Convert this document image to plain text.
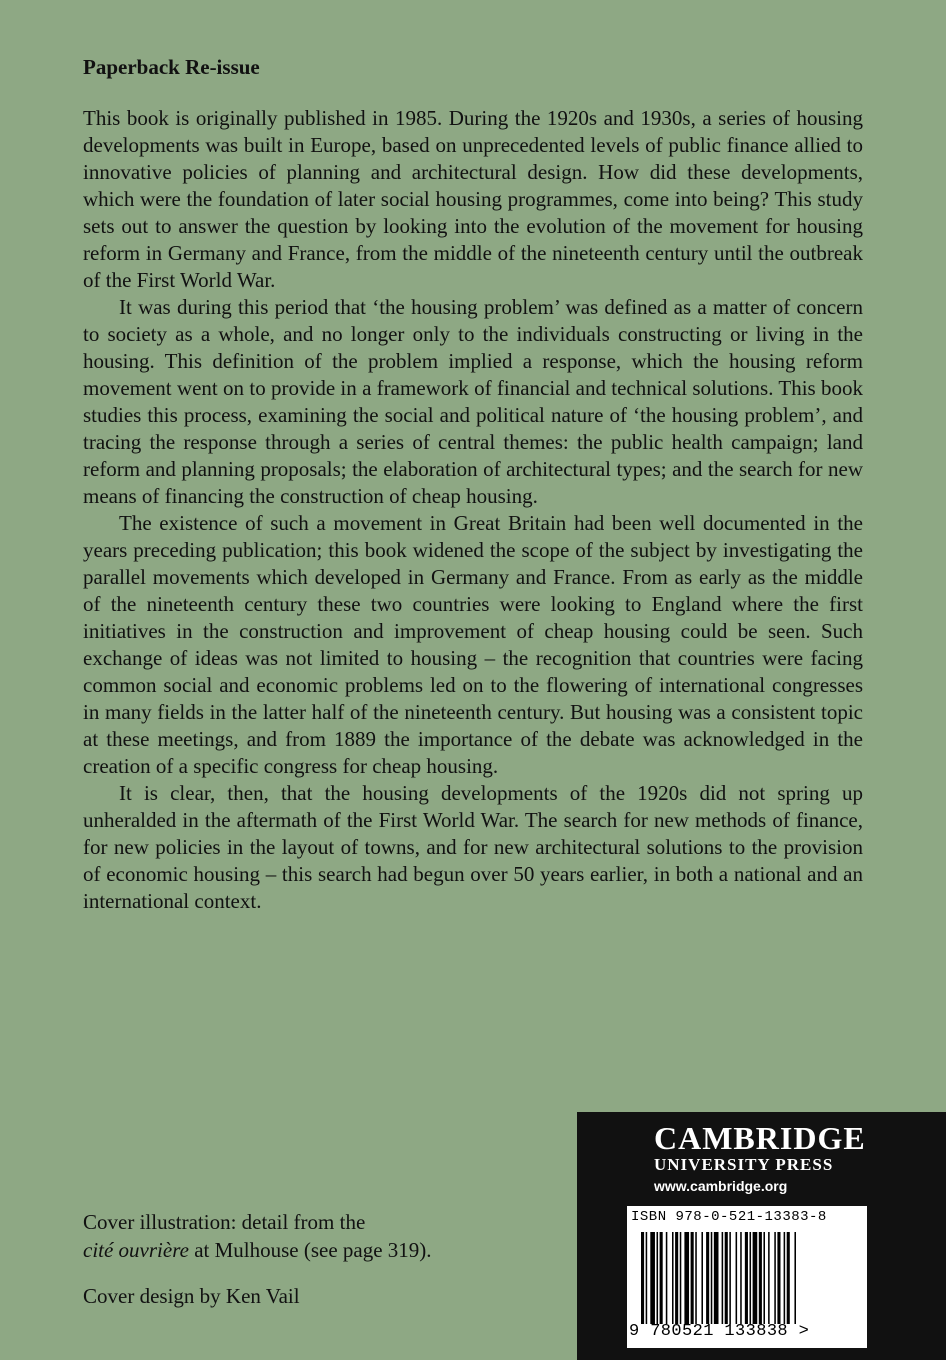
Paperback Re-issue

This book is originally published in 1985. During the 1920s and 1930s, a series of housing developments was built in Europe, based on unprecedented levels of public finance allied to innovative policies of planning and architectural design. How did these developments, which were the foundation of later social housing programmes, come into being? This study sets out to answer the question by looking into the evolution of the movement for housing reform in Germany and France, from the middle of the nineteenth century until the outbreak of the First World War.

It was during this period that ‘the housing problem’ was defined as a matter of concern to society as a whole, and no longer only to the individuals constructing or living in the housing. This definition of the problem implied a response, which the housing reform movement went on to provide in a framework of financial and technical solutions. This book studies this process, examining the social and political nature of ‘the housing problem’, and tracing the response through a series of central themes: the public health campaign; land reform and planning proposals; the elaboration of architectural types; and the search for new means of financing the construction of cheap housing.

The existence of such a movement in Great Britain had been well documented in the years preceding publication; this book widened the scope of the subject by investigating the parallel movements which developed in Germany and France. From as early as the middle of the nineteenth century these two countries were looking to England where the first initiatives in the construction and improvement of cheap housing could be seen. Such exchange of ideas was not limited to housing – the recognition that countries were facing common social and economic problems led on to the flowering of international congresses in many fields in the latter half of the nineteenth century. But housing was a consistent topic at these meetings, and from 1889 the importance of the debate was acknowledged in the creation of a specific congress for cheap housing.

It is clear, then, that the housing developments of the 1920s did not spring up unheralded in the aftermath of the First World War. The search for new methods of finance, for new policies in the layout of towns, and for new architectural solutions to the provision of economic housing – this search had begun over 50 years earlier, in both a national and an international context.

Cover illustration: detail from the
cité ouvrière at Mulhouse (see page 319).
Cover design by Ken Vail
CAMBRIDGE
UNIVERSITY PRESS
www.cambridge.org
ISBN 978-0-521-13383-8
9 780521 133838 >
